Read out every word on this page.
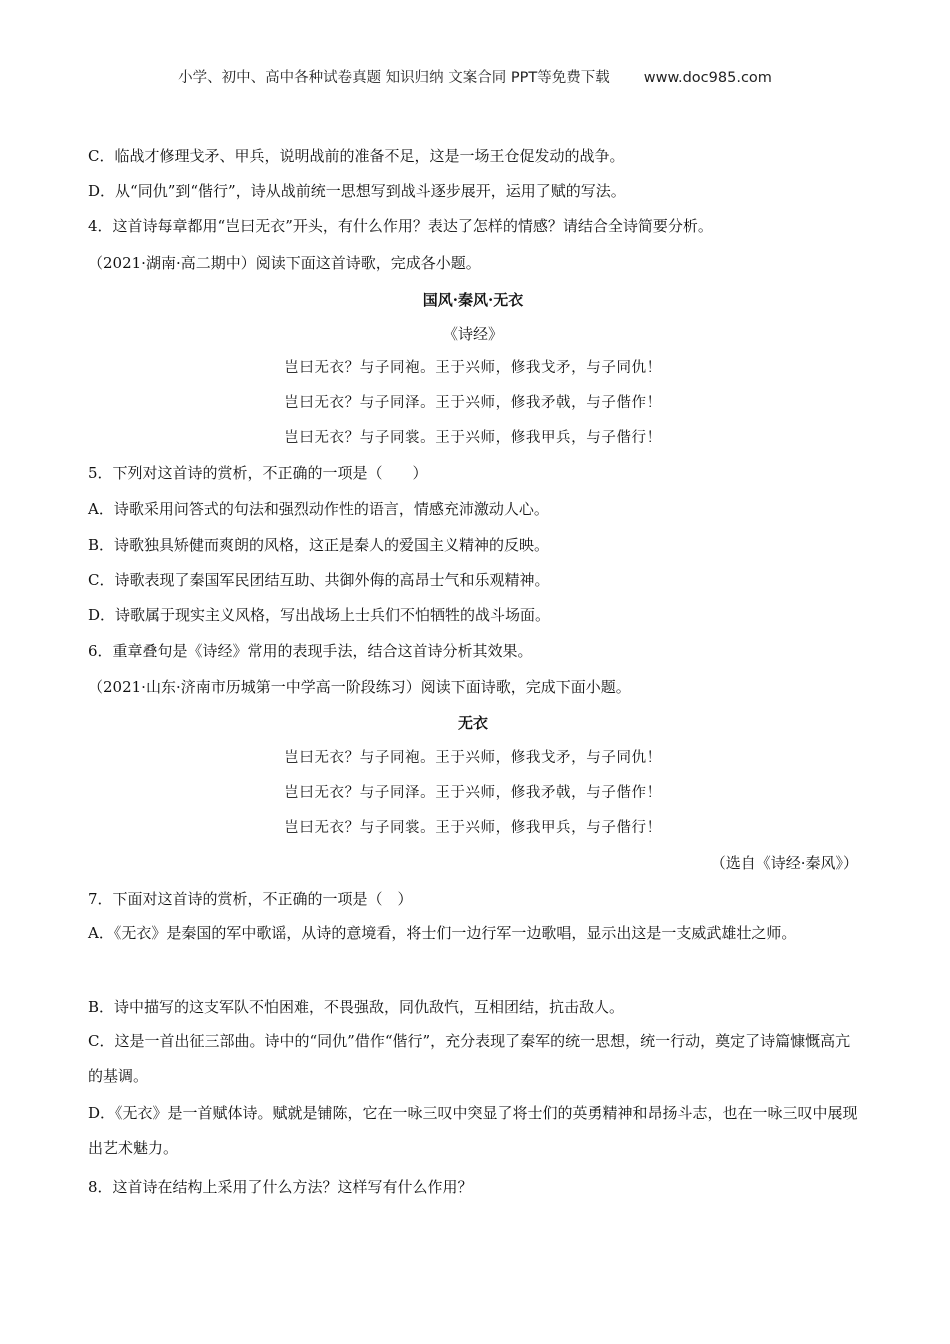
小学、初中、高中各种试卷真题 知识归纳 文案合同 PPT等免费下载 www.doc985.com
C．临战才修理戈矛、甲兵，说明战前的准备不足，这是一场王仓促发动的战争。
D．从“同仇”到“偕行”，诗从战前统一思想写到战斗逐步展开，运用了赋的写法。
4．这首诗每章都用“岂曰无衣”开头，有什么作用？表达了怎样的情感？请结合全诗简要分析。
（2021·湖南·高二期中）阅读下面这首诗歌，完成各小题。
国风·秦风·无衣
《诗经》
岂曰无衣？与子同袍。王于兴师，修我戈矛，与子同仇！
岂曰无衣？与子同泽。王于兴师，修我矛戟，与子偕作！
岂曰无衣？与子同裳。王于兴师，修我甲兵，与子偕行！
5．下列对这首诗的赏析，不正确的一项是（　　）
A．诗歌采用问答式的句法和强烈动作性的语言，情感充沛激动人心。
B．诗歌独具矫健而爽朗的风格，这正是秦人的爱国主义精神的反映。
C．诗歌表现了秦国军民团结互助、共御外侮的高昂士气和乐观精神。
D．诗歌属于现实主义风格，写出战场上士兵们不怕牺牲的战斗场面。
6．重章叠句是《诗经》常用的表现手法，结合这首诗分析其效果。
（2021·山东·济南市历城第一中学高一阶段练习）阅读下面诗歌，完成下面小题。
无衣
岂曰无衣？与子同袍。王于兴师，修我戈矛，与子同仇！
岂曰无衣？与子同泽。王于兴师，修我矛戟，与子偕作！
岂曰无衣？与子同裳。王于兴师，修我甲兵，与子偕行！
（选自《诗经·秦风》）
7．下面对这首诗的赏析，不正确的一项是（　）
A．《无衣》是秦国的军中歌谣，从诗的意境看，将士们一边行军一边歌唱，显示出这是一支威武雄壮之师。
B．诗中描写的这支军队不怕困难，不畏强敌，同仇敌忾，互相团结，抗击敌人。
C．这是一首出征三部曲。诗中的“同仇”借作“偕行”，充分表现了秦军的统一思想，统一行动，奠定了诗篇慷慨高亢的基调。
D．《无衣》是一首赋体诗。赋就是铺陈，它在一咏三叹中突显了将士们的英勇精神和昂扬斗志，也在一咏三叹中展现出艺术魅力。
8．这首诗在结构上采用了什么方法？这样写有什么作用？
